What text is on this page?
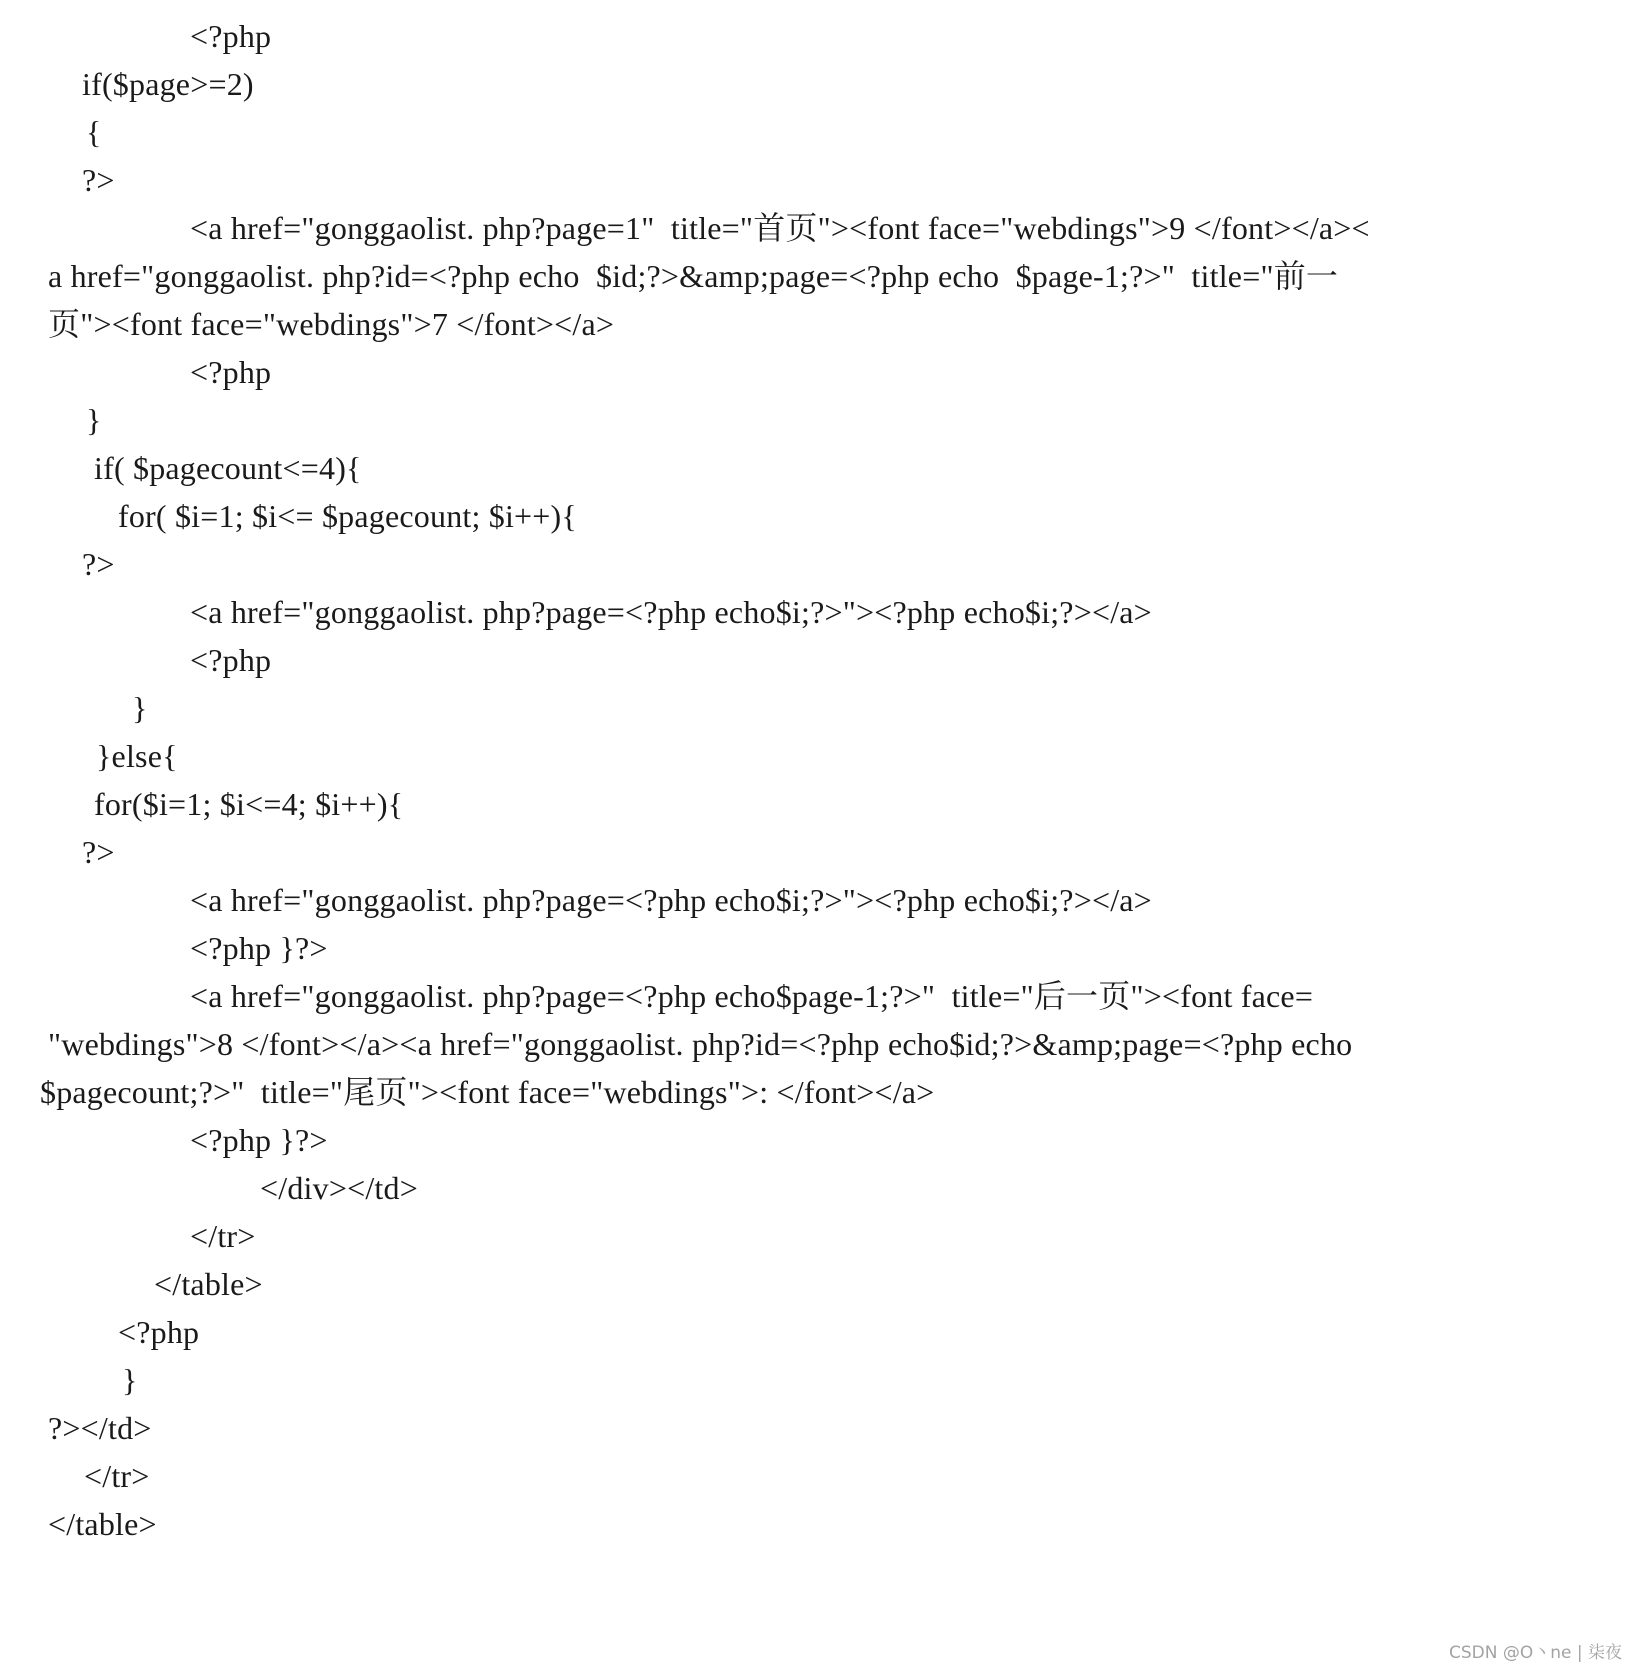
<?php
if($page>=2)
{
?>
<a href="gonggaolist. php?page=1"  title="首页"><font face="webdings">9 </font></a><
a href="gonggaolist. php?id=<?php echo  $id;?>&amp;page=<?php echo  $page-1;?>"  title="前一
页"><font face="webdings">7 </font></a>
<?php
}
if( $pagecount<=4){
for( $i=1; $i<= $pagecount; $i++){
?>
<a href="gonggaolist. php?page=<?php echo$i;?>"><?php echo$i;?></a>
<?php
}
}else{
for($i=1; $i<=4; $i++){
?>
<a href="gonggaolist. php?page=<?php echo$i;?>"><?php echo$i;?></a>
<?php }?>
<a href="gonggaolist. php?page=<?php echo$page-1;?>"  title="后一页"><font face=
"webdings">8 </font></a><a href="gonggaolist. php?id=<?php echo$id;?>&amp;page=<?php echo
$pagecount;?>"  title="尾页"><font face="webdings">: </font></a>
<?php }?>
</div></td>
</tr>
</table>
<?php
}
?></td>
</tr>
</table>
CSDN @O丶ne | 柒夜
